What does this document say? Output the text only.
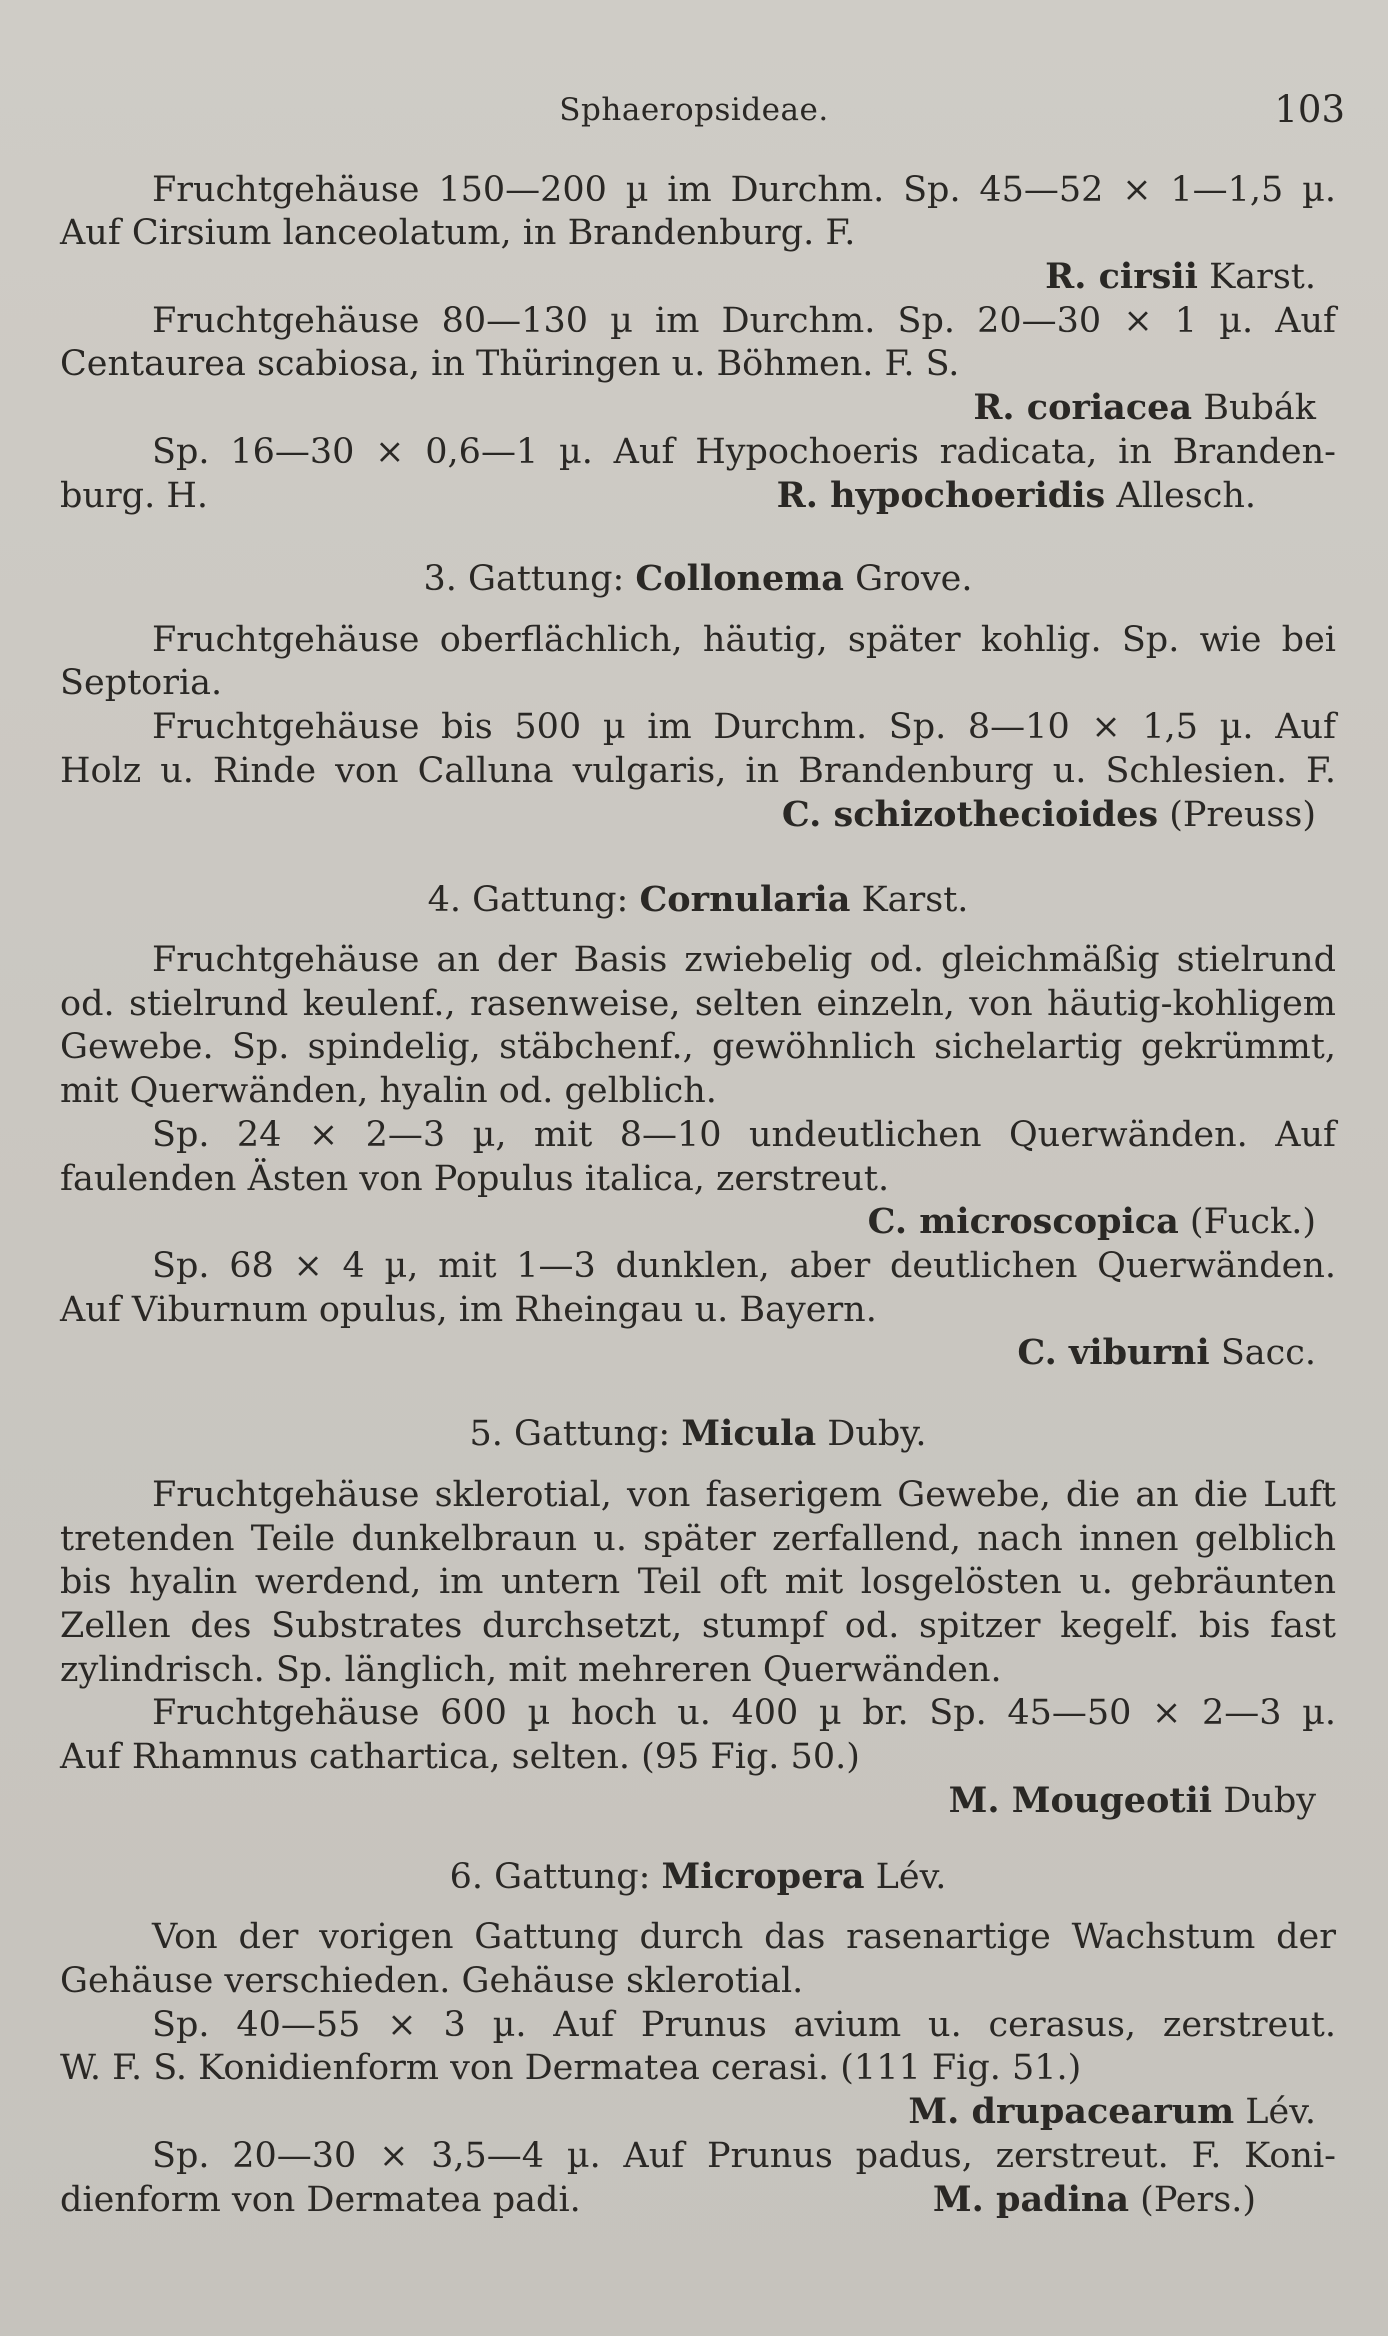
Sphaeropsideae.	103
Fruchtgehäuse 150—200 µ im Durchm. Sp. 45—52 × 1—1,5 µ.
Auf Cirsium lanceolatum, in Brandenburg. F.
R. cirsii Karst.
Fruchtgehäuse 80—130 µ im Durchm. Sp. 20—30 × 1 µ. Auf
Centaurea scabiosa, in Thüringen u. Böhmen. F. S.
R. coriacea Bubák
Sp. 16—30 × 0,6—1 µ. Auf Hypochoeris radicata, in Branden-
burg. H.	R. hypochoeridis Allesch.
3. Gattung: Collonema Grove.
Fruchtgehäuse oberflächlich, häutig, später kohlig. Sp. wie bei
Septoria.
Fruchtgehäuse bis 500 µ im Durchm. Sp. 8—10 × 1,5 µ. Auf
Holz u. Rinde von Calluna vulgaris, in Brandenburg u. Schlesien. F.
C. schizothecioides (Preuss)
4. Gattung: Cornularia Karst.
Fruchtgehäuse an der Basis zwiebelig od. gleichmäßig stielrund
od. stielrund keulenf., rasenweise, selten einzeln, von häutig-kohligem
Gewebe. Sp. spindelig, stäbchenf., gewöhnlich sichelartig gekrümmt,
mit Querwänden, hyalin od. gelblich.
Sp. 24 × 2—3 µ, mit 8—10 undeutlichen Querwänden. Auf
faulenden Ästen von Populus italica, zerstreut.
C. microscopica (Fuck.)
Sp. 68 × 4 µ, mit 1—3 dunklen, aber deutlichen Querwänden.
Auf Viburnum opulus, im Rheingau u. Bayern.
C. viburni Sacc.
5. Gattung: Micula Duby.
Fruchtgehäuse sklerotial, von faserigem Gewebe, die an die Luft
tretenden Teile dunkelbraun u. später zerfallend, nach innen gelblich
bis hyalin werdend, im untern Teil oft mit losgelösten u. gebräunten
Zellen des Substrates durchsetzt, stumpf od. spitzer kegelf. bis fast
zylindrisch. Sp. länglich, mit mehreren Querwänden.
Fruchtgehäuse 600 µ hoch u. 400 µ br. Sp. 45—50 × 2—3 µ.
Auf Rhamnus cathartica, selten. (95 Fig. 50.)
M. Mougeotii Duby
6. Gattung: Micropera Lév.
Von der vorigen Gattung durch das rasenartige Wachstum der
Gehäuse verschieden. Gehäuse sklerotial.
Sp. 40—55 × 3 µ. Auf Prunus avium u. cerasus, zerstreut.
W. F. S. Konidienform von Dermatea cerasi. (111 Fig. 51.)
M. drupacearum Lév.
Sp. 20—30 × 3,5—4 µ. Auf Prunus padus, zerstreut. F. Koni-
dienform von Dermatea padi.	M. padina (Pers.)
